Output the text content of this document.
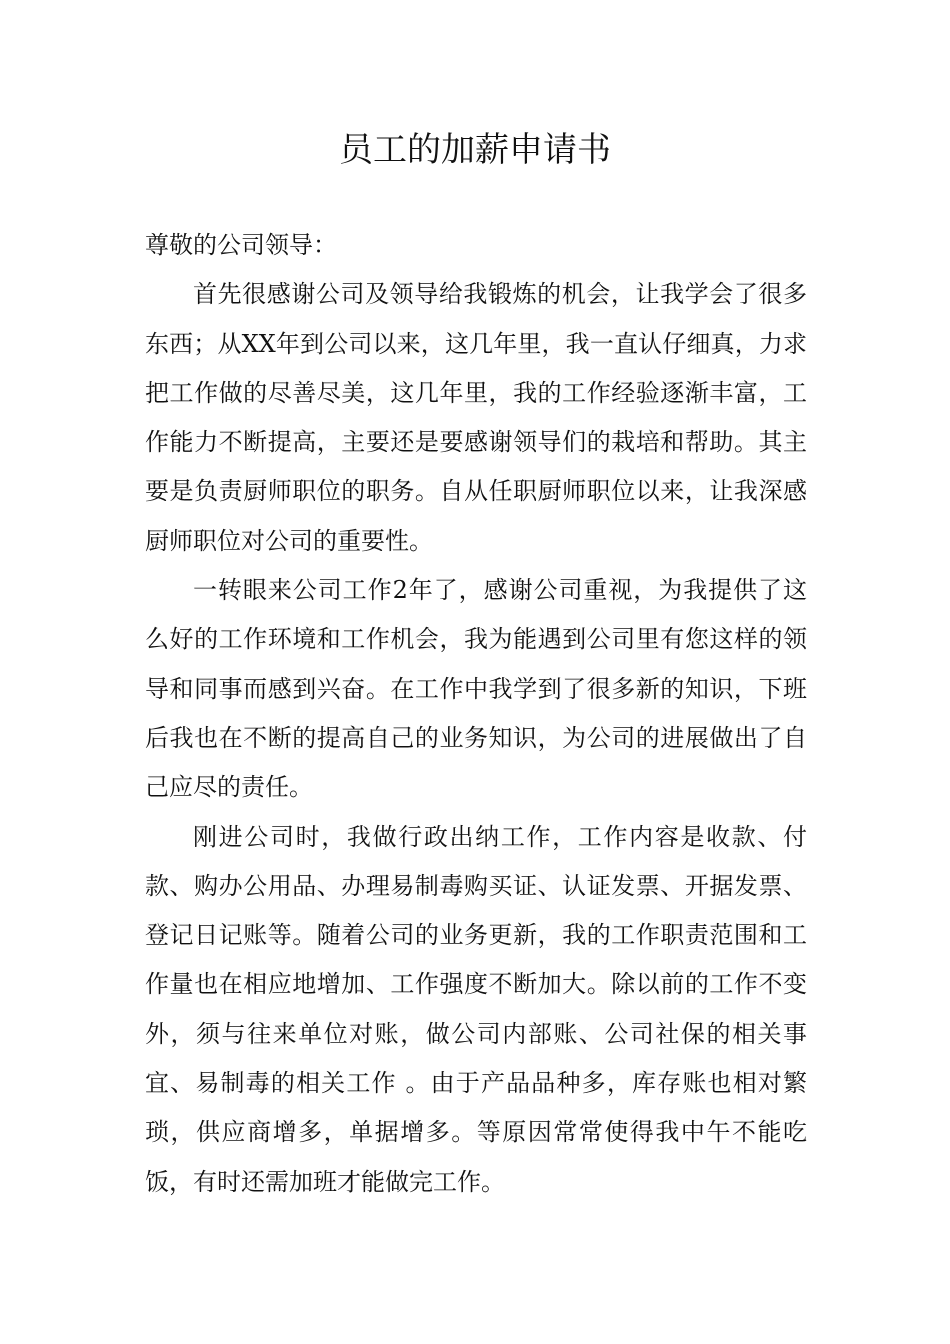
员工的加薪申请书

尊敬的公司领导：

首先很感谢公司及领导给我锻炼的机会，让我学会了很多东西；从XX年到公司以来，这几年里，我一直认仔细真，力求把工作做的尽善尽美，这几年里，我的工作经验逐渐丰富，工作能力不断提高，主要还是要感谢领导们的栽培和帮助。其主要是负责厨师职位的职务。自从任职厨师职位以来，让我深感厨师职位对公司的重要性。

一转眼来公司工作2年了，感谢公司重视，为我提供了这么好的工作环境和工作机会，我为能遇到公司里有您这样的领导和同事而感到兴奋。在工作中我学到了很多新的知识，下班后我也在不断的提高自己的业务知识，为公司的进展做出了自己应尽的责任。

刚进公司时，我做行政出纳工作，工作内容是收款、付款、购办公用品、办理易制毒购买证、认证发票、开据发票、登记日记账等。随着公司的业务更新，我的工作职责范围和工作量也在相应地增加、工作强度不断加大。除以前的工作不变外，须与往来单位对账，做公司内部账、公司社保的相关事宜、易制毒的相关工作 。由于产品品种多，库存账也相对繁琐，供应商增多，单据增多。等原因常常使得我中午不能吃饭，有时还需加班才能做完工作。
